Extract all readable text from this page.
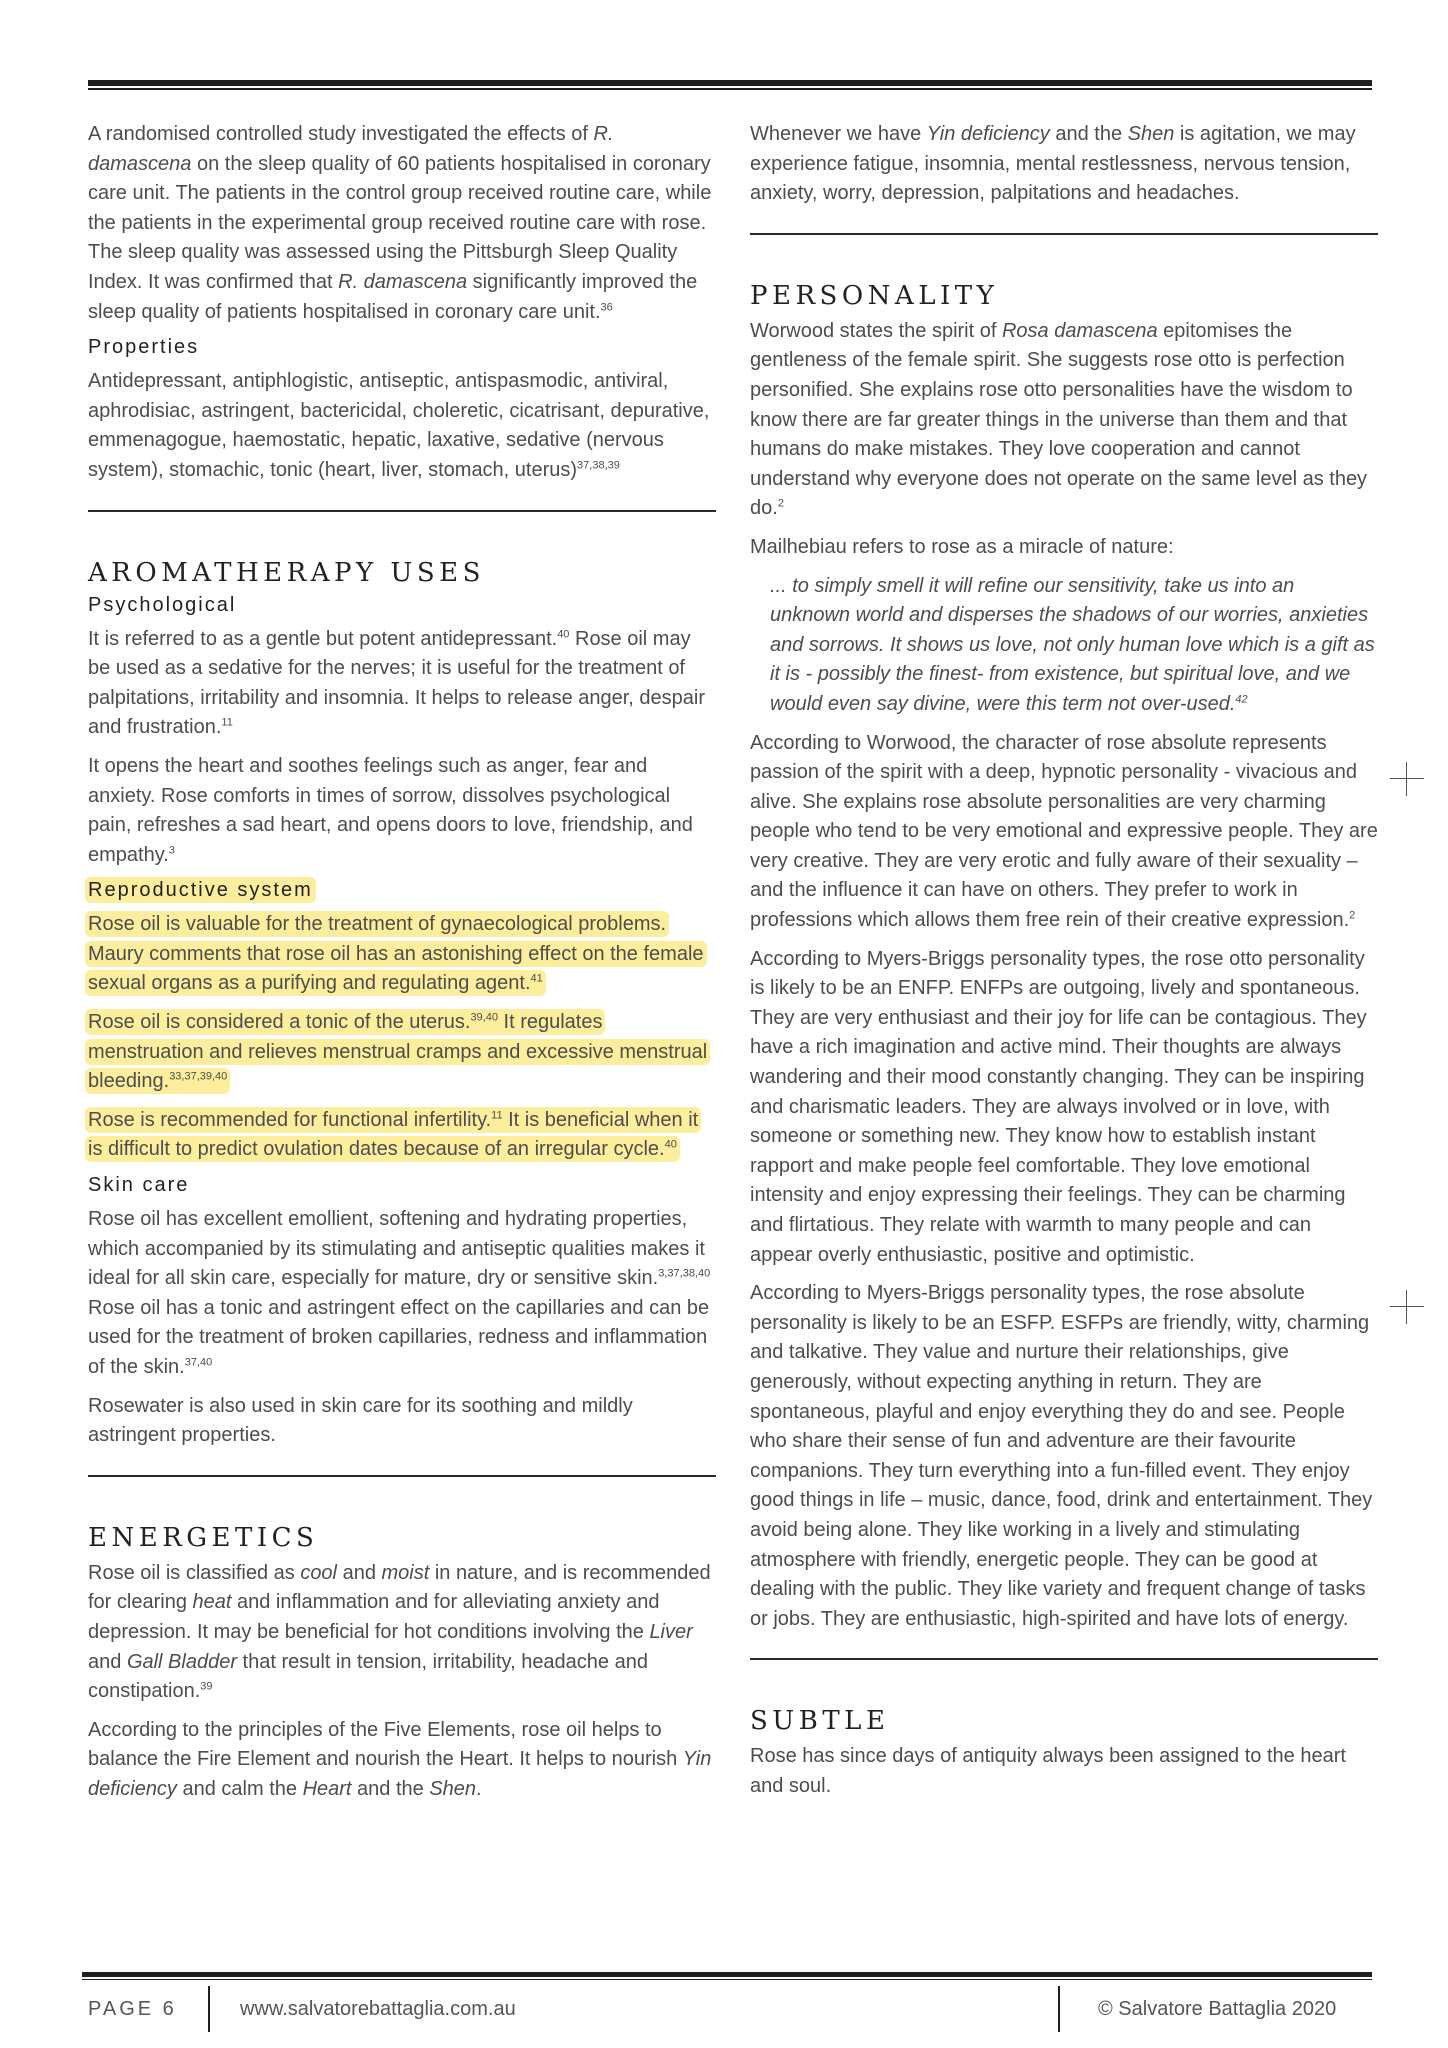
A randomised controlled study investigated the effects of R. damascena on the sleep quality of 60 patients hospitalised in coronary care unit. The patients in the control group received routine care, while the patients in the experimental group received routine care with rose. The sleep quality was assessed using the Pittsburgh Sleep Quality Index. It was confirmed that R. damascena significantly improved the sleep quality of patients hospitalised in coronary care unit.$^{36}$

Properties

Antidepressant, antiphlogistic, antiseptic, antispasmodic, antiviral, aphrodisiac, astringent, bactericidal, choleretic, cicatrisant, depurative, emmenagogue, haemostatic, hepatic, laxative, sedative (nervous system), stomachic, tonic (heart, liver, stomach, uterus)$^{37,38,39}$

AROMATHERAPY USES
Psychological

It is referred to as a gentle but potent antidepressant.$^{40}$ Rose oil may be used as a sedative for the nerves; it is useful for the treatment of palpitations, irritability and insomnia. It helps to release anger, despair and frustration.$^{11}$

It opens the heart and soothes feelings such as anger, fear and anxiety. Rose comforts in times of sorrow, dissolves psychological pain, refreshes a sad heart, and opens doors to love, friendship, and empathy.$^3$

Reproductive system

Rose oil is valuable for the treatment of gynaecological problems. Maury comments that rose oil has an astonishing effect on the female sexual organs as a purifying and regulating agent.$^{41}$

Rose oil is considered a tonic of the uterus.$^{39,40}$ It regulates menstruation and relieves menstrual cramps and excessive menstrual bleeding.$^{33,37,39,40}$

Rose is recommended for functional infertility.$^{11}$ It is beneficial when it is difficult to predict ovulation dates because of an irregular cycle.$^{40}$

Skin care

Rose oil has excellent emollient, softening and hydrating properties, which accompanied by its stimulating and antiseptic qualities makes it ideal for all skin care, especially for mature, dry or sensitive skin.$^{3,37,38,40}$ Rose oil has a tonic and astringent effect on the capillaries and can be used for the treatment of broken capillaries, redness and inflammation of the skin.$^{37,40}$

Rosewater is also used in skin care for its soothing and mildly astringent properties.

ENERGETICS

Rose oil is classified as cool and moist in nature, and is recommended for clearing heat and inflammation and for alleviating anxiety and depression. It may be beneficial for hot conditions involving the Liver and Gall Bladder that result in tension, irritability, headache and constipation.$^{39}$

According to the principles of the Five Elements, rose oil helps to balance the Fire Element and nourish the Heart. It helps to nourish Yin deficiency and calm the Heart and the Shen.

Whenever we have Yin deficiency and the Shen is agitation, we may experience fatigue, insomnia, mental restlessness, nervous tension, anxiety, worry, depression, palpitations and headaches.

PERSONALITY

Worwood states the spirit of Rosa damascena epitomises the gentleness of the female spirit. She suggests rose otto is perfection personified. She explains rose otto personalities have the wisdom to know there are far greater things in the universe than them and that humans do make mistakes. They love cooperation and cannot understand why everyone does not operate on the same level as they do.$^2$

Mailhebiau refers to rose as a miracle of nature:

... to simply smell it will refine our sensitivity, take us into an unknown world and disperses the shadows of our worries, anxieties and sorrows. It shows us love, not only human love which is a gift as it is - possibly the finest- from existence, but spiritual love, and we would even say divine, were this term not over-used.$^{42}$

According to Worwood, the character of rose absolute represents passion of the spirit with a deep, hypnotic personality - vivacious and alive. She explains rose absolute personalities are very charming people who tend to be very emotional and expressive people. They are very creative. They are very erotic and fully aware of their sexuality – and the influence it can have on others. They prefer to work in professions which allows them free rein of their creative expression.$^2$

According to Myers-Briggs personality types, the rose otto personality is likely to be an ENFP. ENFPs are outgoing, lively and spontaneous. They are very enthusiast and their joy for life can be contagious. They have a rich imagination and active mind. Their thoughts are always wandering and their mood constantly changing. They can be inspiring and charismatic leaders. They are always involved or in love, with someone or something new. They know how to establish instant rapport and make people feel comfortable. They love emotional intensity and enjoy expressing their feelings. They can be charming and flirtatious. They relate with warmth to many people and can appear overly enthusiastic, positive and optimistic.

According to Myers-Briggs personality types, the rose absolute personality is likely to be an ESFP. ESFPs are friendly, witty, charming and talkative. They value and nurture their relationships, give generously, without expecting anything in return. They are spontaneous, playful and enjoy everything they do and see. People who share their sense of fun and adventure are their favourite companions. They turn everything into a fun-filled event. They enjoy good things in life – music, dance, food, drink and entertainment. They avoid being alone. They like working in a lively and stimulating atmosphere with friendly, energetic people. They can be good at dealing with the public. They like variety and frequent change of tasks or jobs. They are enthusiastic, high-spirited and have lots of energy.

SUBTLE

Rose has since days of antiquity always been assigned to the heart and soul.

PAGE 6	www.salvatorebattaglia.com.au	© Salvatore Battaglia 2020
